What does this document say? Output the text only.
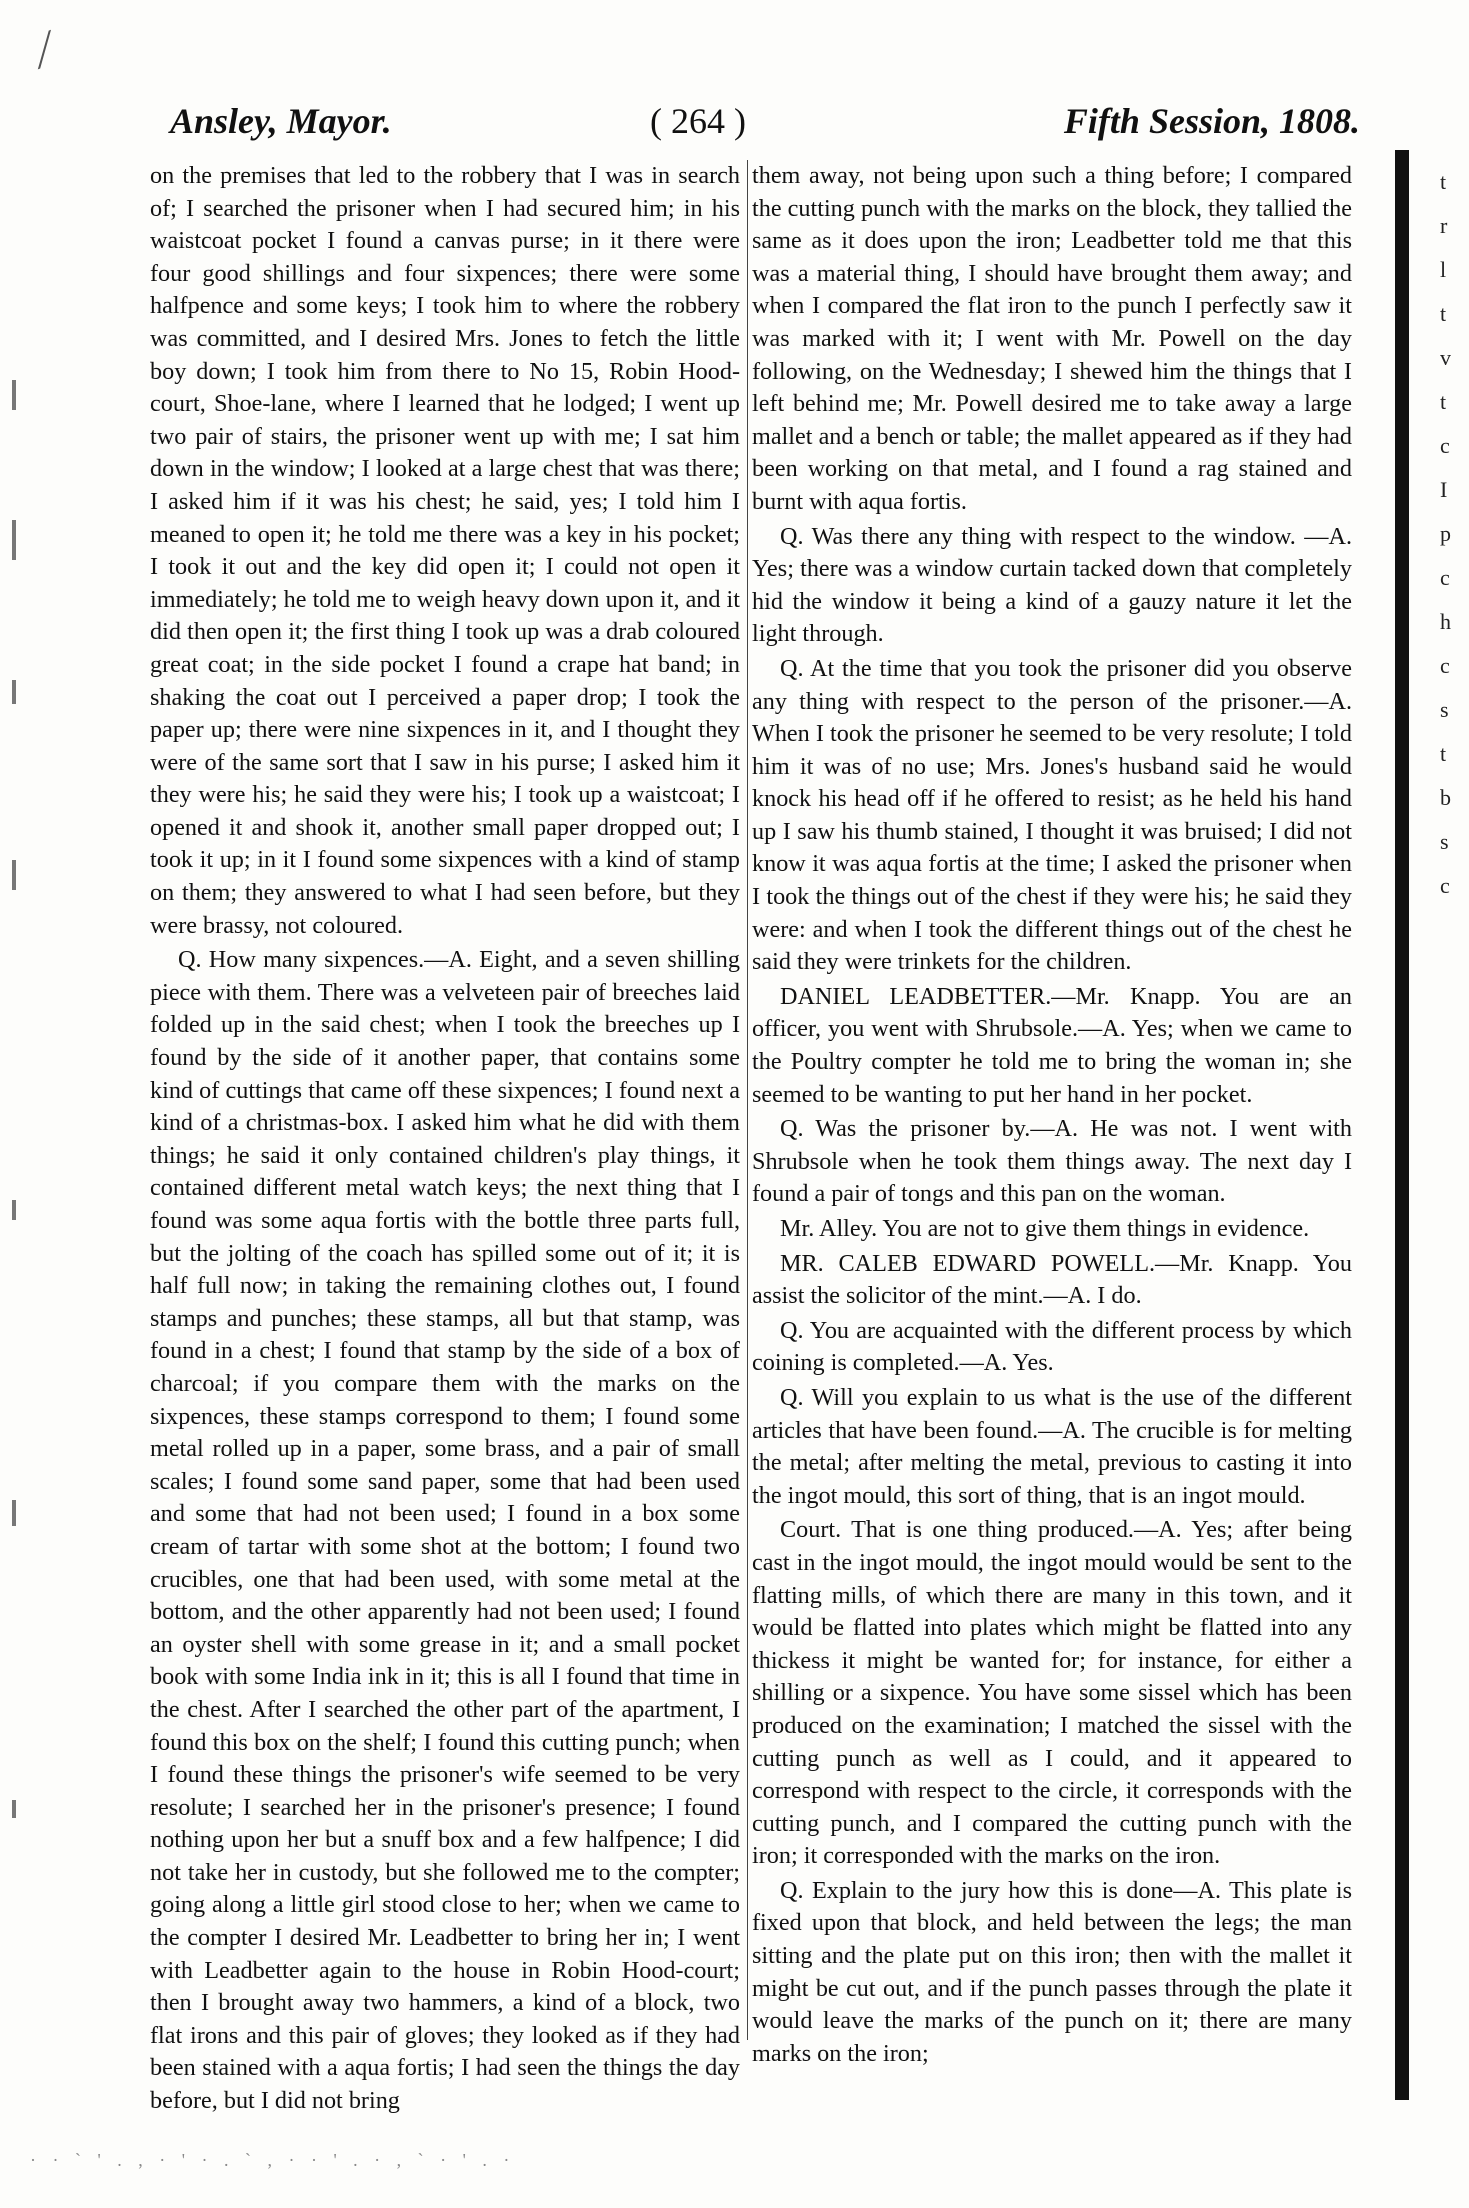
⁄
Ansley, Mayor.	( 264 )	Fifth Session, 1808.

on the premises that led to the robbery that I was in search of; I searched the prisoner when I had secured him; in his waistcoat pocket I found a canvas purse; in it there were four good shillings and four sixpences; there were some halfpence and some keys; I took him to where the robbery was committed, and I desired Mrs. Jones to fetch the little boy down; I took him from there to No 15, Robin Hood-court, Shoe-lane, where I learned that he lodged; I went up two pair of stairs, the prisoner went up with me; I sat him down in the window; I looked at a large chest that was there; I asked him if it was his chest; he said, yes; I told him I meaned to open it; he told me there was a key in his pocket; I took it out and the key did open it; I could not open it immediately; he told me to weigh heavy down upon it, and it did then open it; the first thing I took up was a drab coloured great coat; in the side pocket I found a crape hat band; in shaking the coat out I perceived a paper drop; I took the paper up; there were nine sixpences in it, and I thought they were of the same sort that I saw in his purse; I asked him it they were his; he said they were his; I took up a waistcoat; I opened it and shook it, another small paper dropped out; I took it up; in it I found some sixpences with a kind of stamp on them; they answered to what I had seen before, but they were brassy, not coloured.

Q. How many sixpences.—A. Eight, and a seven shilling piece with them. There was a velveteen pair of breeches laid folded up in the said chest; when I took the breeches up I found by the side of it another paper, that contains some kind of cuttings that came off these sixpences; I found next a kind of a christmas-box. I asked him what he did with them things; he said it only contained children's play things, it contained different metal watch keys; the next thing that I found was some aqua fortis with the bottle three parts full, but the jolting of the coach has spilled some out of it; it is half full now; in taking the remaining clothes out, I found stamps and punches; these stamps, all but that stamp, was found in a chest; I found that stamp by the side of a box of charcoal; if you compare them with the marks on the sixpences, these stamps correspond to them; I found some metal rolled up in a paper, some brass, and a pair of small scales; I found some sand paper, some that had been used and some that had not been used; I found in a box some cream of tartar with some shot at the bottom; I found two crucibles, one that had been used, with some metal at the bottom, and the other apparently had not been used; I found an oyster shell with some grease in it; and a small pocket book with some India ink in it; this is all I found that time in the chest. After I searched the other part of the apartment, I found this box on the shelf; I found this cutting punch; when I found these things the prisoner's wife seemed to be very resolute; I searched her in the prisoner's presence; I found nothing upon her but a snuff box and a few halfpence; I did not take her in custody, but she followed me to the compter; going along a little girl stood close to her; when we came to the compter I desired Mr. Leadbetter to bring her in; I went with Leadbetter again to the house in Robin Hood-court; then I brought away two hammers, a kind of a block, two flat irons and this pair of gloves; they looked as if they had been stained with a aqua fortis; I had seen the things the day before, but I did not bring

them away, not being upon such a thing before; I compared the cutting punch with the marks on the block, they tallied the same as it does upon the iron; Leadbetter told me that this was a material thing, I should have brought them away; and when I compared the flat iron to the punch I perfectly saw it was marked with it; I went with Mr. Powell on the day following, on the Wednesday; I shewed him the things that I left behind me; Mr. Powell desired me to take away a large mallet and a bench or table; the mallet appeared as if they had been working on that metal, and I found a rag stained and burnt with aqua fortis.

Q. Was there any thing with respect to the window. —A. Yes; there was a window curtain tacked down that completely hid the window it being a kind of a gauzy nature it let the light through.

Q. At the time that you took the prisoner did you observe any thing with respect to the person of the prisoner.—A. When I took the prisoner he seemed to be very resolute; I told him it was of no use; Mrs. Jones's husband said he would knock his head off if he offered to resist; as he held his hand up I saw his thumb stained, I thought it was bruised; I did not know it was aqua fortis at the time; I asked the prisoner when I took the things out of the chest if they were his; he said they were: and when I took the different things out of the chest he said they were trinkets for the children.

DANIEL LEADBETTER.—Mr. Knapp. You are an officer, you went with Shrubsole.—A. Yes; when we came to the Poultry compter he told me to bring the woman in; she seemed to be wanting to put her hand in her pocket.

Q. Was the prisoner by.—A. He was not. I went with Shrubsole when he took them things away. The next day I found a pair of tongs and this pan on the woman.

Mr. Alley. You are not to give them things in evidence.

MR. CALEB EDWARD POWELL.—Mr. Knapp. You assist the solicitor of the mint.—A. I do.

Q. You are acquainted with the different process by which coining is completed.—A. Yes.

Q. Will you explain to us what is the use of the different articles that have been found.—A. The crucible is for melting the metal; after melting the metal, previous to casting it into the ingot mould, this sort of thing, that is an ingot mould.

Court. That is one thing produced.—A. Yes; after being cast in the ingot mould, the ingot mould would be sent to the flatting mills, of which there are many in this town, and it would be flatted into plates which might be flatted into any thickess it might be wanted for; for instance, for either a shilling or a sixpence. You have some sissel which has been produced on the examination; I matched the sissel with the cutting punch as well as I could, and it appeared to correspond with respect to the circle, it corresponds with the cutting punch, and I compared the cutting punch with the iron; it corresponded with the marks on the iron.

Q. Explain to the jury how this is done—A. This plate is fixed upon that block, and held between the legs; the man sitting and the plate put on this iron; then with the mallet it might be cut out, and if the punch passes through the plate it would leave the marks of the punch on it; there are many marks on the iron;

t
r
l
t
v
t
c
I
p
c
h
c
s
t
b
s
c
· · ` ' . , · ' · . ` , · · ' . · , ` · ' . ·
